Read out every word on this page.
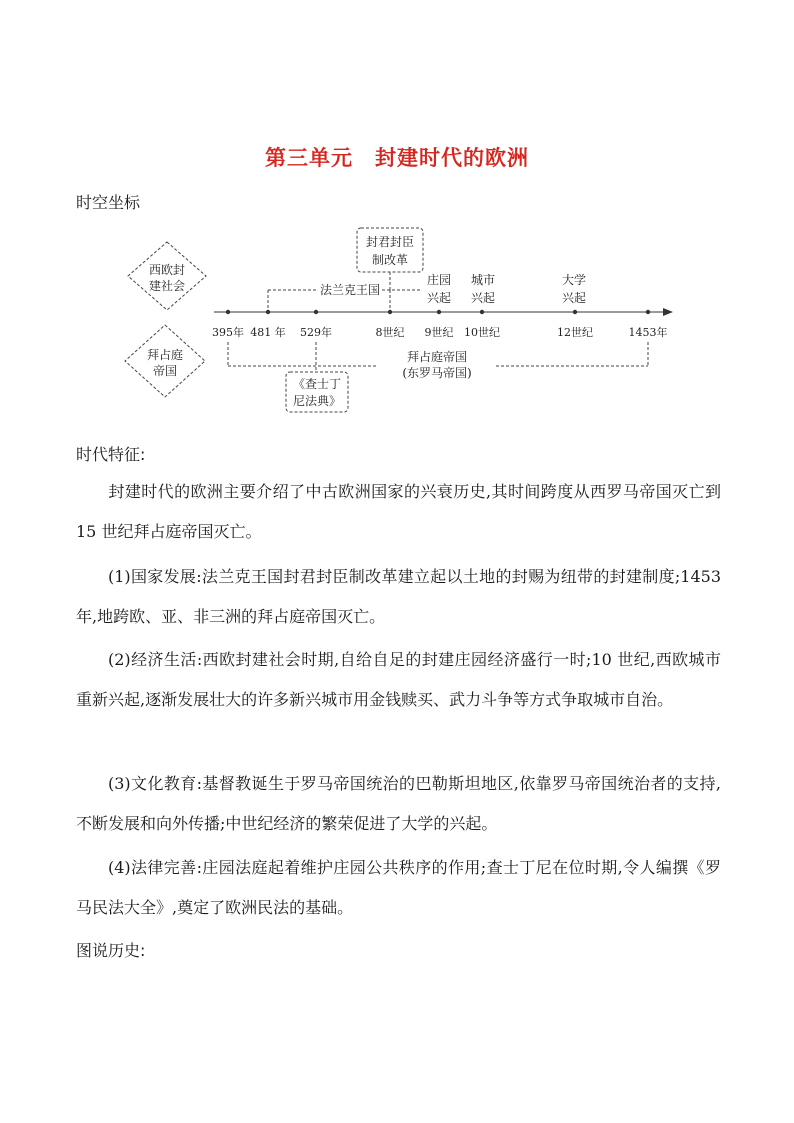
第三单元 封建时代的欧洲
时空坐标
西欧封
建社会
拜占庭
帝国
封君封臣
制改革
法兰克王国
庄园
兴起
城市
兴起
大学
兴起
395年 481 年 529年	8世纪 9世纪 10世纪	12世纪	1453年
拜占庭帝国
(东罗马帝国)
《查士丁
尼法典》
时代特征:

封建时代的欧洲主要介绍了中古欧洲国家的兴衰历史,其时间跨度从西罗马帝国灭亡到15 世纪拜占庭帝国灭亡。

(1)国家发展:法兰克王国封君封臣制改革建立起以土地的封赐为纽带的封建制度;1453 年,地跨欧、亚、非三洲的拜占庭帝国灭亡。

(2)经济生活:西欧封建社会时期,自给自足的封建庄园经济盛行一时;10 世纪,西欧城市重新兴起,逐渐发展壮大的许多新兴城市用金钱赎买、武力斗争等方式争取城市自治。

(3)文化教育:基督教诞生于罗马帝国统治的巴勒斯坦地区,依靠罗马帝国统治者的支持,不断发展和向外传播;中世纪经济的繁荣促进了大学的兴起。

(4)法律完善:庄园法庭起着维护庄园公共秩序的作用;查士丁尼在位时期,令人编撰《罗马民法大全》,奠定了欧洲民法的基础。

图说历史:
